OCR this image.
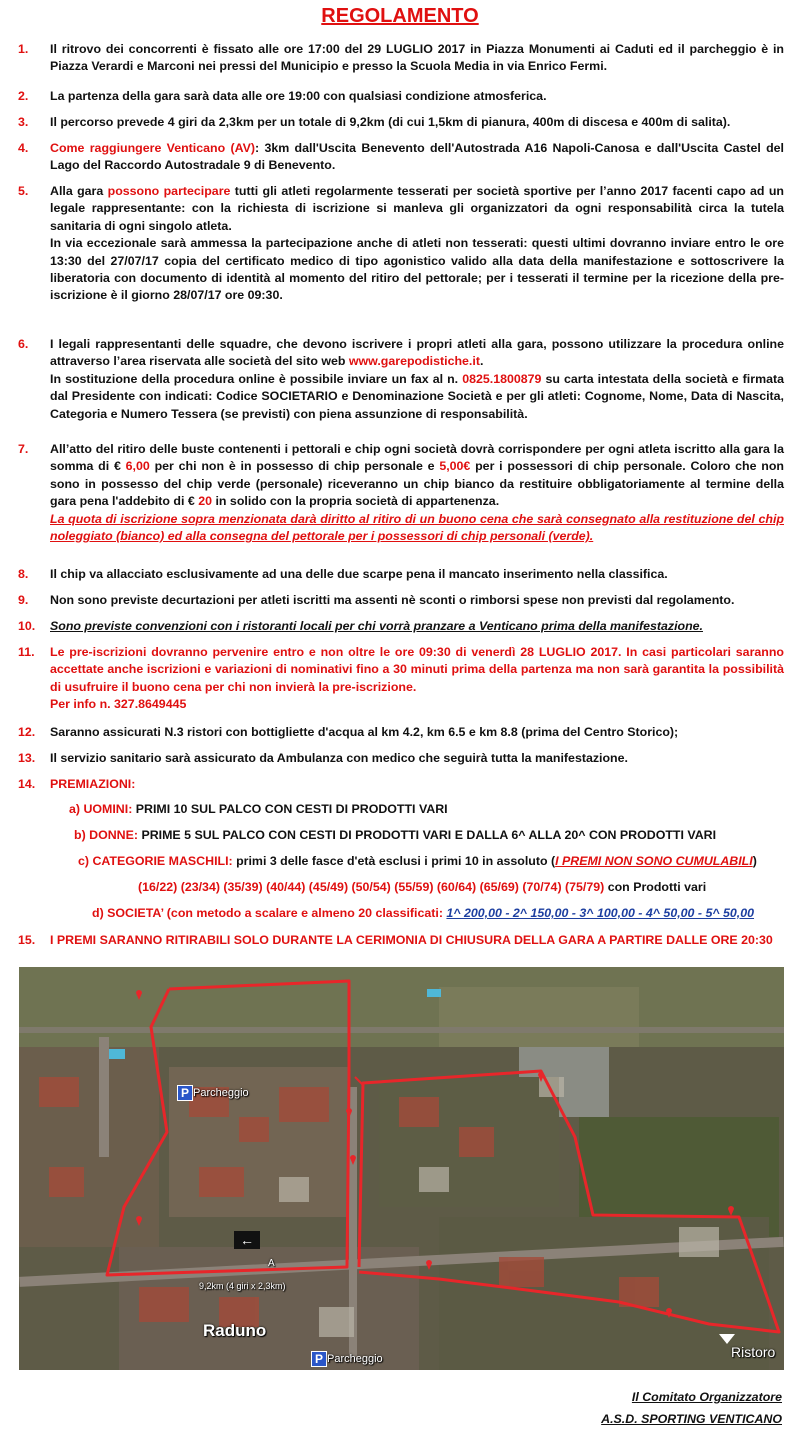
REGOLAMENTO
1. Il ritrovo dei concorrenti è fissato alle ore 17:00 del 29 LUGLIO 2017 in Piazza Monumenti ai Caduti ed il parcheggio è in Piazza Verardi e Marconi nei pressi del Municipio e presso la Scuola Media in via Enrico Fermi.
2. La partenza della gara sarà data alle ore 19:00 con qualsiasi condizione atmosferica.
3. Il percorso prevede 4 giri da 2,3km per un totale di 9,2km (di cui 1,5km di pianura, 400m di discesa e 400m di salita).
4. Come raggiungere Venticano (AV): 3km dall'Uscita Benevento dell'Autostrada A16 Napoli-Canosa e dall'Uscita Castel del Lago del Raccordo Autostradale 9 di Benevento.
5. Alla gara possono partecipare tutti gli atleti regolarmente tesserati per società sportive per l’anno 2017 facenti capo ad un legale rappresentante: con la richiesta di iscrizione si manleva gli organizzatori da ogni responsabilità circa la tutela sanitaria di ogni singolo atleta.
In via eccezionale sarà ammessa la partecipazione anche di atleti non tesserati: questi ultimi dovranno inviare entro le ore 13:30 del 27/07/17 copia del certificato medico di tipo agonistico valido alla data della manifestazione e sottoscrivere la liberatoria con documento di identità al momento del ritiro del pettorale; per i tesserati il termine per la ricezione della pre-iscrizione è il giorno 28/07/17 ore 09:30.
6. I legali rappresentanti delle squadre, che devono iscrivere i propri atleti alla gara, possono utilizzare la procedura online attraverso l’area riservata alle società del sito web www.garepodistiche.it.
In sostituzione della procedura online è possibile inviare un fax al n. 0825.1800879 su carta intestata della società e firmata dal Presidente con indicati: Codice SOCIETARIO e Denominazione Società e per gli atleti: Cognome, Nome, Data di Nascita, Categoria e Numero Tessera (se previsti) con piena assunzione di responsabilità.
7. All’atto del ritiro delle buste contenenti i pettorali e chip ogni società dovrà corrispondere per ogni atleta iscritto alla gara la somma di € 6,00 per chi non è in possesso di chip personale e 5,00€ per i possessori di chip personale. Coloro che non sono in possesso del chip verde (personale) riceveranno un chip bianco da restituire obbligatoriamente al termine della gara pena l'addebito di € 20 in solido con la propria società di appartenenza.
La quota di iscrizione sopra menzionata darà diritto al ritiro di un buono cena che sarà consegnato alla restituzione del chip noleggiato (bianco) ed alla consegna del pettorale per i possessori di chip personali (verde).
8. Il chip va allacciato esclusivamente ad una delle due scarpe pena il mancato inserimento nella classifica.
9. Non sono previste decurtazioni per atleti iscritti ma assenti nè sconti o rimborsi spese non previsti dal regolamento.
10. Sono previste convenzioni con i ristoranti locali per chi vorrà pranzare a Venticano prima della manifestazione.
11. Le pre-iscrizioni dovranno pervenire entro e non oltre le ore 09:30 di venerdì 28 LUGLIO 2017. In casi particolari saranno accettate anche iscrizioni e variazioni di nominativi fino a 30 minuti prima della partenza ma non sarà garantita la possibilità di usufruire il buono cena per chi non invierà la pre-iscrizione.
Per info n. 327.8649445
12. Saranno assicurati N.3 ristori con bottigliette d'acqua al km 4.2, km 6.5 e km 8.8 (prima del Centro Storico);
13. Il servizio sanitario sarà assicurato da Ambulanza con medico che seguirà tutta la manifestazione.
14. PREMIAZIONI:
a) UOMINI: PRIMI 10 SUL PALCO CON CESTI DI PRODOTTI VARI
b) DONNE: PRIME 5 SUL PALCO CON CESTI DI PRODOTTI VARI E DALLA 6^ ALLA 20^ CON PRODOTTI VARI
c) CATEGORIE MASCHILI: primi 3 delle fasce d'età esclusi i primi 10 in assoluto (I PREMI NON SONO CUMULABILI)
(16/22) (23/34) (35/39) (40/44) (45/49) (50/54) (55/59) (60/64) (65/69) (70/74) (75/79) con Prodotti vari
d) SOCIETA’ (con metodo a scalare e almeno 20 classificati: 1^ 200,00 - 2^ 150,00 - 3^ 100,00 - 4^ 50,00 - 5^ 50,00
15. I PREMI SARANNO RITIRABILI SOLO DURANTE LA CERIMONIA DI CHIUSURA DELLA GARA A PARTIRE DALLE ORE 20:30
P Parcheggio
P Parcheggio
←
A
9,2km (4 giri x 2,3km)
Raduno
Ristoro
Il Comitato Organizzatore
A.S.D. SPORTING VENTICANO
